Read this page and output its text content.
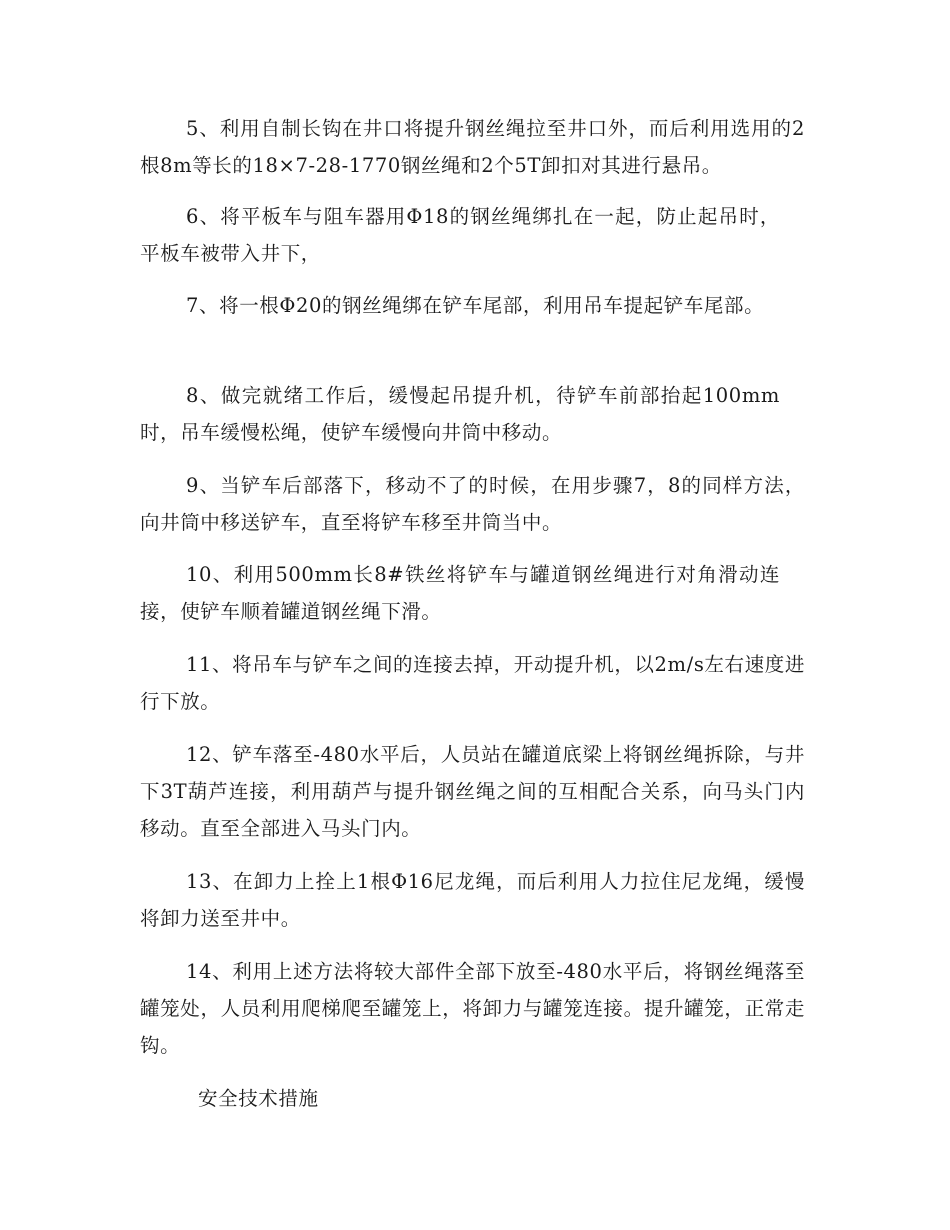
5、利用自制长钩在井口将提升钢丝绳拉至井口外，而后利用选用的2根8m等长的18×7-28-1770钢丝绳和2个5T卸扣对其进行悬吊。

6、将平板车与阻车器用Φ18的钢丝绳绑扎在一起，防止起吊时，平板车被带入井下，

7、将一根Φ20的钢丝绳绑在铲车尾部，利用吊车提起铲车尾部。

8、做完就绪工作后，缓慢起吊提升机，待铲车前部抬起100mm时，吊车缓慢松绳，使铲车缓慢向井筒中移动。

9、当铲车后部落下，移动不了的时候，在用步骤7，8的同样方法，向井筒中移送铲车，直至将铲车移至井筒当中。

10、利用500mm长8#铁丝将铲车与罐道钢丝绳进行对角滑动连接，使铲车顺着罐道钢丝绳下滑。

11、将吊车与铲车之间的连接去掉，开动提升机，以2m/s左右速度进行下放。

12、铲车落至-480水平后，人员站在罐道底梁上将钢丝绳拆除，与井下3T葫芦连接，利用葫芦与提升钢丝绳之间的互相配合关系，向马头门内移动。直至全部进入马头门内。

13、在卸力上拴上1根Φ16尼龙绳，而后利用人力拉住尼龙绳，缓慢将卸力送至井中。

14、利用上述方法将较大部件全部下放至-480水平后，将钢丝绳落至罐笼处，人员利用爬梯爬至罐笼上，将卸力与罐笼连接。提升罐笼，正常走钩。

安全技术措施
